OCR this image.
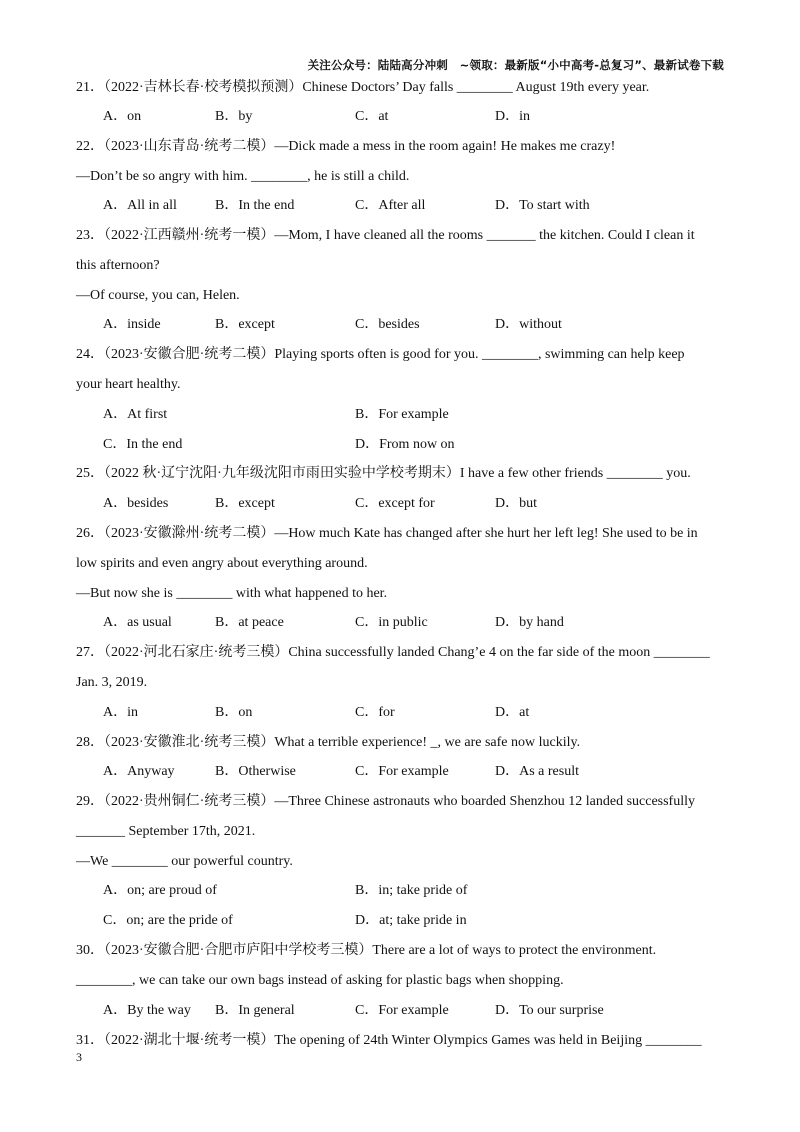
关注公众号：陆陆高分冲刺　~领取：最新版“小中高考-总复习”、最新试卷下载
21．（2022·吉林长春·校考模拟预测）Chinese Doctors’ Day falls ________ August 19th every year.
A．on	B．by	C．at	D．in
22．（2023·山东青岛·统考二模）—Dick made a mess in the room again! He makes me crazy!
—Don’t be so angry with him. ________, he is still a child.
A．All in all	B．In the end	C．After all	D．To start with
23．（2022·江西赣州·统考一模）—Mom, I have cleaned all the rooms _______ the kitchen. Could I clean it
this afternoon?
—Of course, you can, Helen.
A．inside	B．except	C．besides	D．without
24．（2023·安徽合肥·统考二模）Playing sports often is good for you. ________, swimming can help keep
your heart healthy.
A．At first	B．For example
C．In the end	D．From now on
25．（2022 秋·辽宁沈阳·九年级沈阳市雨田实验中学校考期末）I have a few other friends ________ you.
A．besides	B．except	C．except for	D．but
26．（2023·安徽滁州·统考二模）—How much Kate has changed after she hurt her left leg! She used to be in
low spirits and even angry about everything around.
—But now she is ________ with what happened to her.
A．as usual	B．at peace	C．in public	D．by hand
27．（2022·河北石家庄·统考三模）China successfully landed Chang’e 4 on the far side of the moon ________
Jan. 3, 2019.
A．in	B．on	C．for	D．at
28．（2023·安徽淮北·统考三模）What a terrible experience! _, we are safe now luckily.
A．Anyway	B．Otherwise	C．For example	D．As a result
29．（2022·贵州铜仁·统考三模）—Three Chinese astronauts who boarded Shenzhou 12 landed successfully
_______ September 17th, 2021.
—We ________ our powerful country.
A．on; are proud of	B．in; take pride of
C．on; are the pride of	D．at; take pride in
30．（2023·安徽合肥·合肥市庐阳中学校考三模）There are a lot of ways to protect the environment.
________, we can take our own bags instead of asking for plastic bags when shopping.
A．By the way B．In general	C．For example	D．To our surprise
31．（2022·湖北十堰·统考一模）The opening of 24th Winter Olympics Games was held in Beijing ________
3
